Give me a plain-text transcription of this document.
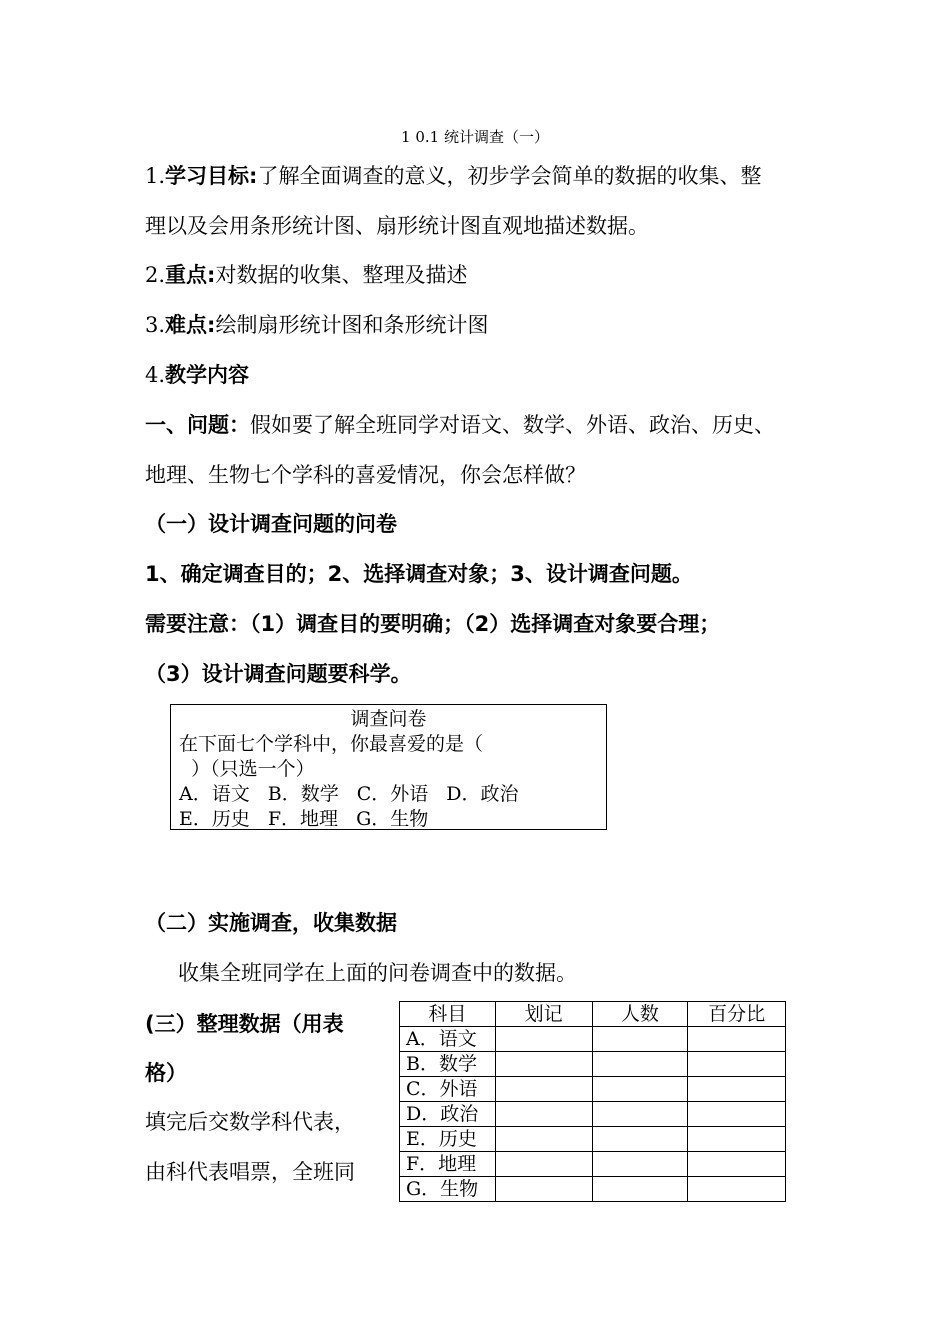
1 0.1 统计调查（一）
1.学习目标:了解全面调查的意义，初步学会简单的数据的收集、整
理以及会用条形统计图、扇形统计图直观地描述数据。
2.重点:对数据的收集、整理及描述
3.难点:绘制扇形统计图和条形统计图
4.教学内容
一、问题：假如要了解全班同学对语文、数学、外语、政治、历史、
地理、生物七个学科的喜爱情况，你会怎样做？
（一）设计调查问题的问卷
1、确定调查目的；2、选择调查对象；3、设计调查问题。
需要注意：（1）调查目的要明确；（2）选择调查对象要合理；
（3）设计调查问题要科学。
调查问卷
在下面七个学科中，你最喜爱的是（
）（只选一个）
A．语文 B．数学 C．外语 D．政治
E．历史 F．地理 G．生物
（二）实施调查，收集数据
收集全班同学在上面的问卷调查中的数据。
(三）整理数据（用表
格）
填完后交数学科代表，
由科代表唱票，全班同
科目	划记	人数	百分比
A．语文			
B．数学			
C．外语			
D．政治			
E．历史			
F．地理			
G．生物			
